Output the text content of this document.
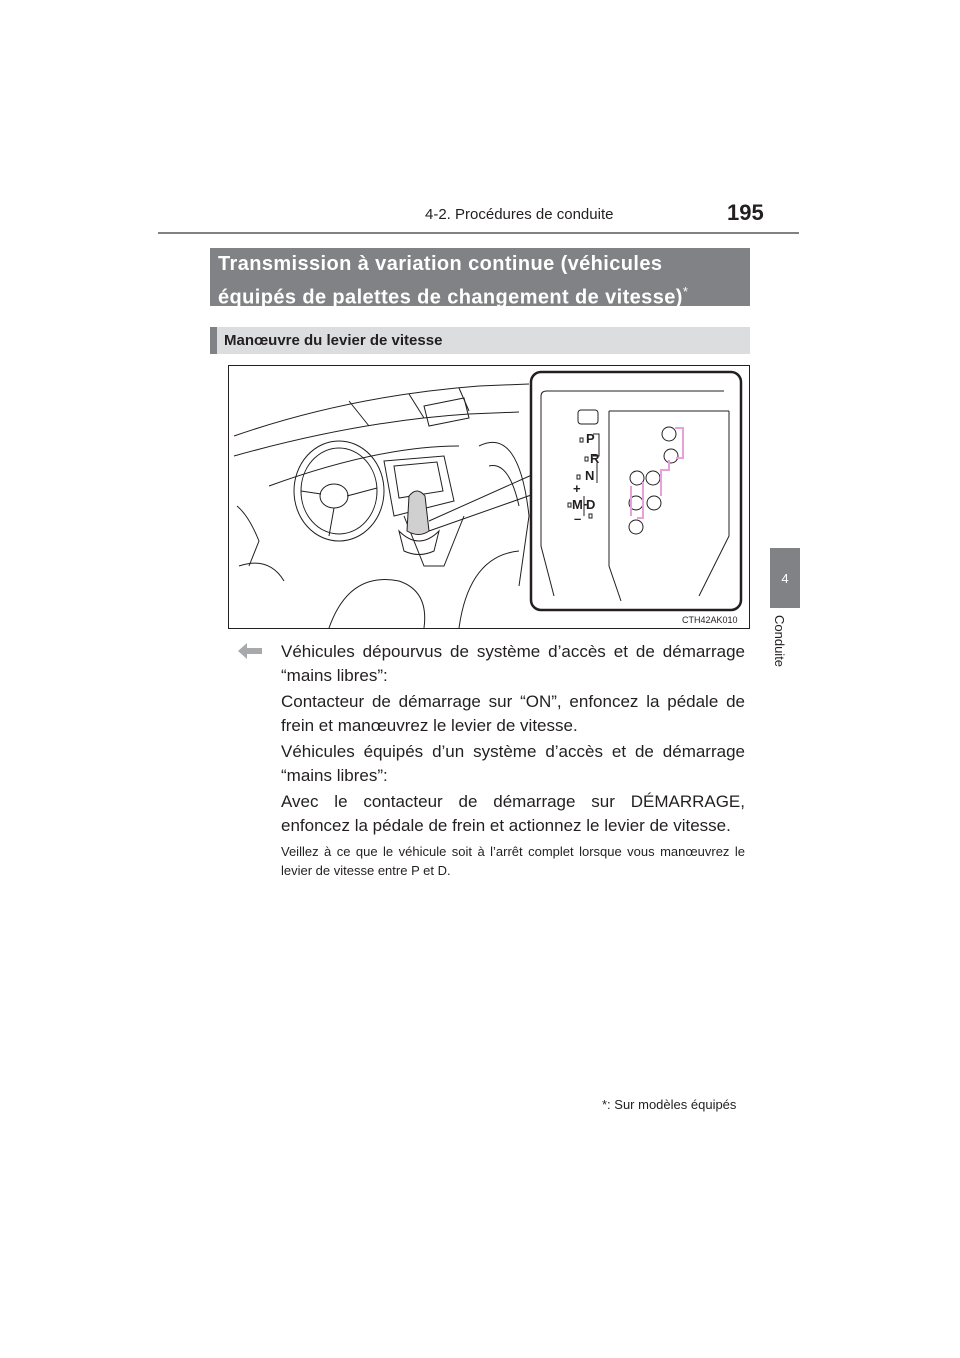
4-2. Procédures de conduite	195
4
Conduite
Transmission à variation continue (véhicules
équipés de palettes de changement de vitesse)*
Manœuvre du levier de vitesse
P
R
N
+
M -
D
–
CTH42AK010
Véhicules dépourvus de système d’accès et de démarrage “mains libres”:
Contacteur de démarrage sur “ON”, enfoncez la pédale de frein et manœuvrez le levier de vitesse.
Véhicules équipés d’un système d’accès et de démarrage “mains libres”:
Avec le contacteur de démarrage sur DÉMARRAGE, enfoncez la pédale de frein et actionnez le levier de vitesse.
Veillez à ce que le véhicule soit à l’arrêt complet lorsque vous manœuvrez le levier de vitesse entre P et D.
*: Sur modèles équipés
